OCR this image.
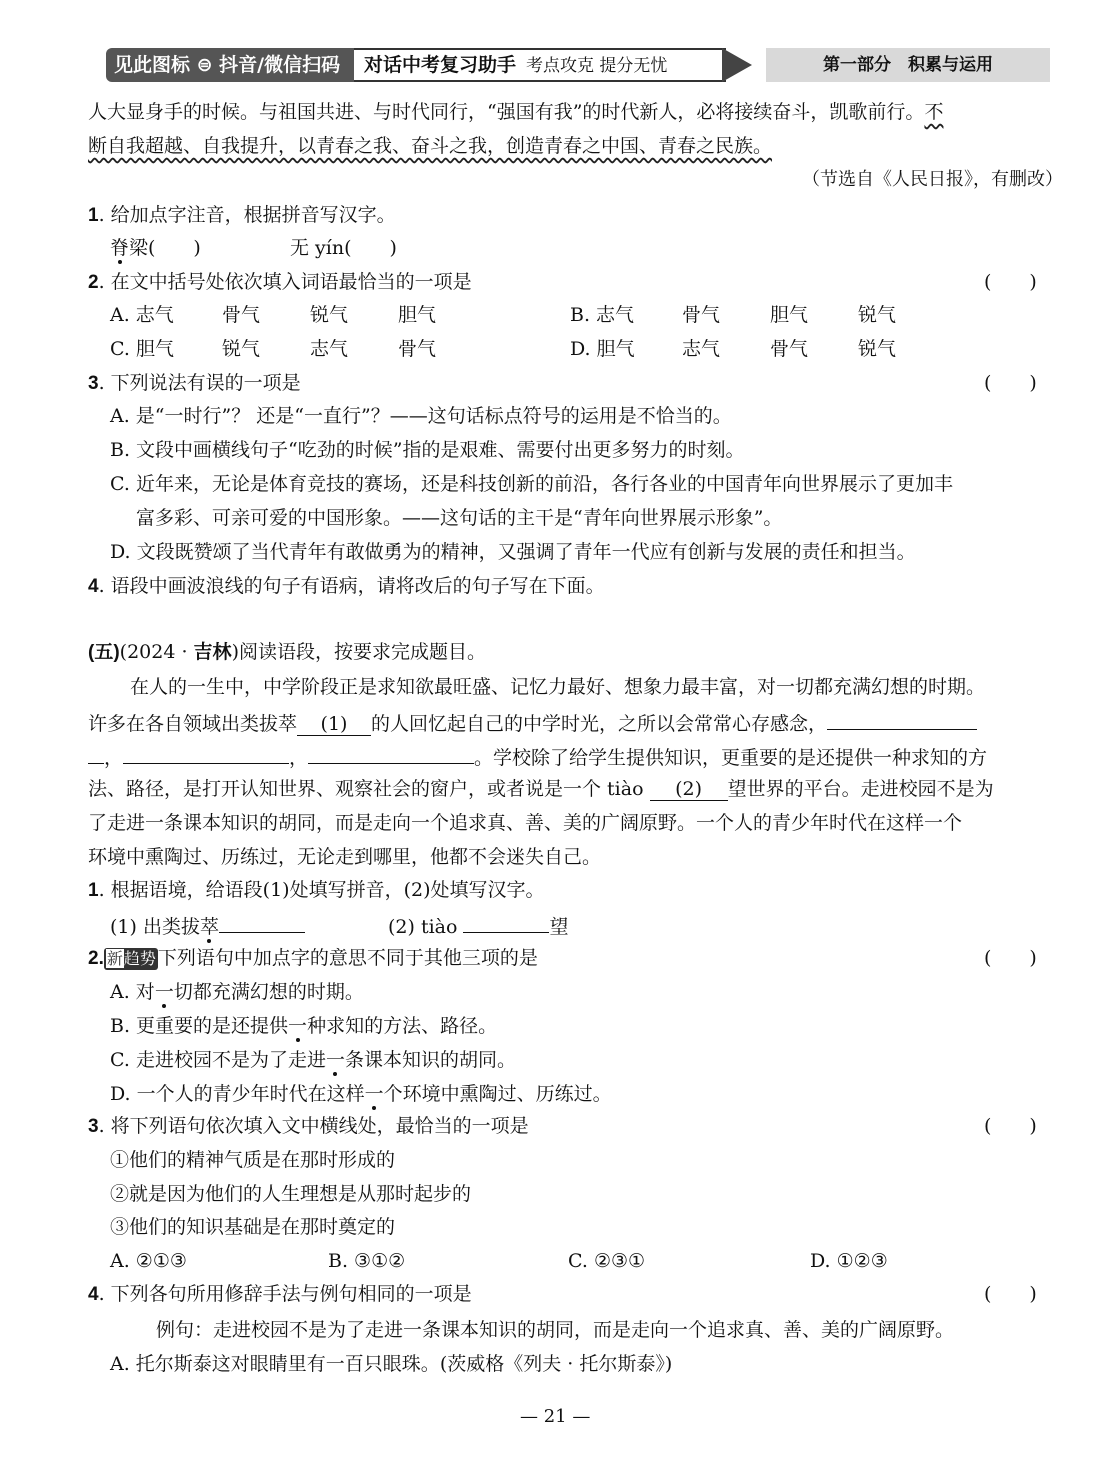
见此图标 ⊜ 抖音/微信扫码	对话中考复习助手 考点攻克 提分无忧	第一部分　积累与运用
人大显身手的时候。与祖国共进、与时代同行，“强国有我”的时代新人，必将接续奋斗，凯歌前行。不
断自我超越、自我提升，以青春之我、奋斗之我，创造青春之中国、青春之民族。
（节选自《人民日报》，有删改）
1. 给加点字注音，根据拼音写汉字。
脊梁(　　)	无 yín(　　)
2. 在文中括号处依次填入词语最恰当的一项是	(　　)
A. 志气	骨气	锐气	胆气	B. 志气	骨气	胆气	锐气
C. 胆气	锐气	志气	骨气	D. 胆气 志气	骨气	锐气
3. 下列说法有误的一项是	(　　)
A. 是“一时行”？ 还是“一直行”？——这句话标点符号的运用是不恰当的。
B. 文段中画横线句子“吃劲的时候”指的是艰难、需要付出更多努力的时刻。
C. 近年来，无论是体育竞技的赛场，还是科技创新的前沿，各行各业的中国青年向世界展示了更加丰
富多彩、可亲可爱的中国形象。——这句话的主干是“青年向世界展示形象”。
D. 文段既赞颂了当代青年有敢做勇为的精神，又强调了青年一代应有创新与发展的责任和担当。
4. 语段中画波浪线的句子有语病，请将改后的句子写在下面。
(五)(2024 · 吉林)阅读语段，按要求完成题目。
在人的一生中，中学阶段正是求知欲最旺盛、记忆力最好、想象力最丰富，对一切都充满幻想的时期。
许多在各自领域出类拔萃 (1) 的人回忆起自己的中学时光，之所以会常常心存感念，
，	，	。学校除了给学生提供知识，更重要的是还提供一种求知的方
法、路径，是打开认知世界、观察社会的窗户，或者说是一个 tiào (2) 望世界的平台。走进校园不是为
了走进一条课本知识的胡同，而是走向一个追求真、善、美的广阔原野。一个人的青少年时代在这样一个
环境中熏陶过、历练过，无论走到哪里，他都不会迷失自己。
1. 根据语境，给语段(1)处填写拼音，(2)处填写汉字。
(1) 出类拔萃	(2) tiào	望
2. 新趋势 下列语句中加点字的意思不同于其他三项的是	(　　)
A. 对一切都充满幻想的时期。
B. 更重要的是还提供一种求知的方法、路径。
C. 走进校园不是为了走进一条课本知识的胡同。
D. 一个人的青少年时代在这样一个环境中熏陶过、历练过。
3. 将下列语句依次填入文中横线处，最恰当的一项是	(　　)
①他们的精神气质是在那时形成的
②就是因为他们的人生理想是从那时起步的
③他们的知识基础是在那时奠定的
A. ②①③	B. ③①②	C. ②③①	D. ①②③
4. 下列各句所用修辞手法与例句相同的一项是	(　　)
例句：走进校园不是为了走进一条课本知识的胡同，而是走向一个追求真、善、美的广阔原野。
A. 托尔斯泰这对眼睛里有一百只眼珠。(茨威格《列夫 · 托尔斯泰》)
— 21 —
